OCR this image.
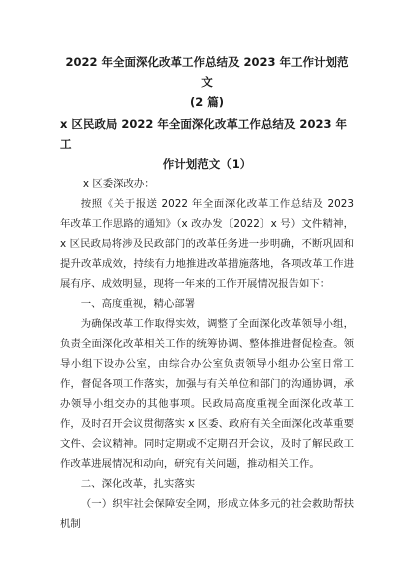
2022 年全面深化改革工作总结及 2023 年工作计划范文
(2 篇)

x 区民政局 2022 年全面深化改革工作总结及 2023 年工
作计划范文（1）

x 区委深改办：

按照《关于报送 2022 年全面深化改革工作总结及 2023 年改革工作思路的通知》（x 改办发〔2022〕x 号）文件精神，x 区民政局将涉及民政部门的改革任务进一步明确，不断巩固和提升改革成效，持续有力地推进改革措施落地，各项改革工作进展有序、成效明显，现将一年来的工作开展情况报告如下：

一、高度重视，精心部署

为确保改革工作取得实效，调整了全面深化改革领导小组，负责全面深化改革相关工作的统筹协调、整体推进督促检查。领导小组下设办公室，由综合办公室负责领导小组办公室日常工作，督促各项工作落实，加强与有关单位和部门的沟通协调，承办领导小组交办的其他事项。民政局高度重视全面深化改革工作，及时召开会议贯彻落实 x 区委、政府有关全面深化改革重要文件、会议精神。同时定期或不定期召开会议，及时了解民政工作改革进展情况和动向，研究有关问题，推动相关工作。

二、深化改革，扎实落实

（一）织牢社会保障安全网，形成立体多元的社会救助帮扶机制
